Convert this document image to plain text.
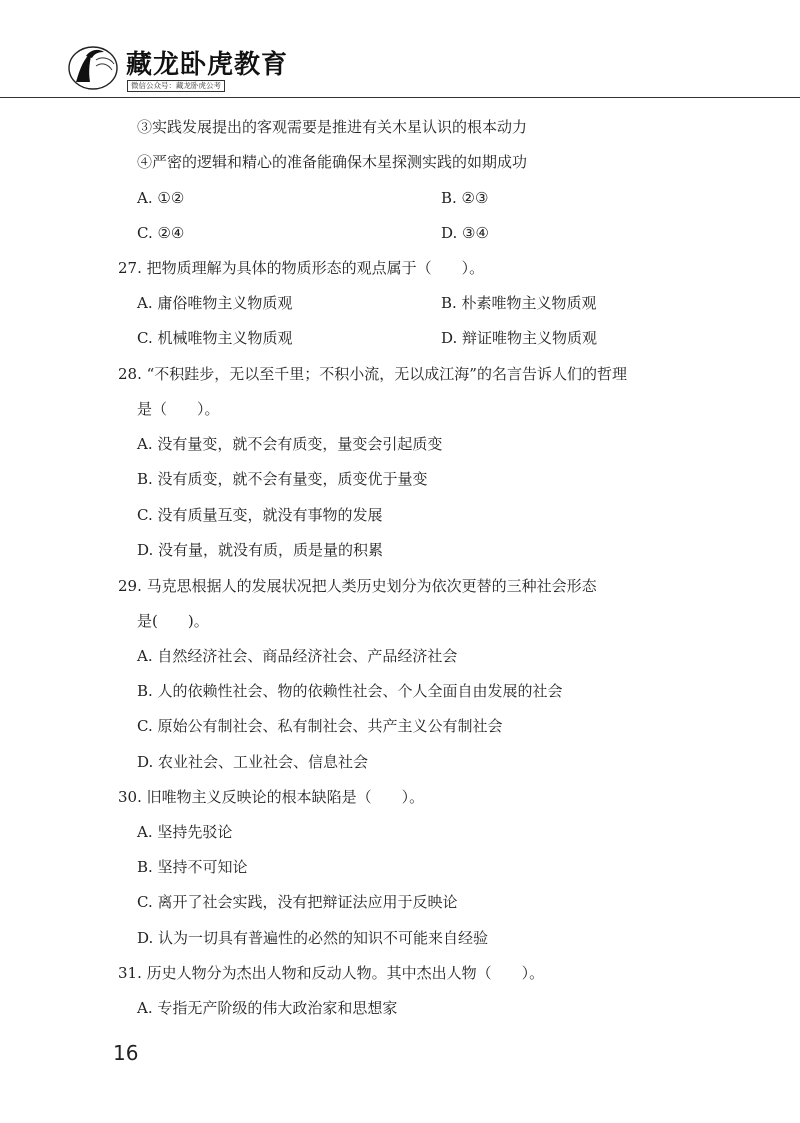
藏龙卧虎教育
微信公众号：藏龙卧虎公考
③实践发展提出的客观需要是推进有关木星认识的根本动力
④严密的逻辑和精心的准备能确保木星探测实践的如期成功
A. ①②	B. ②③
C. ②④	D. ③④
27. 把物质理解为具体的物质形态的观点属于（　　）。
A. 庸俗唯物主义物质观	B. 朴素唯物主义物质观
C. 机械唯物主义物质观	D. 辩证唯物主义物质观
28. “不积跬步，无以至千里；不积小流，无以成江海”的名言告诉人们的哲理
是（　　）。
A. 没有量变，就不会有质变，量变会引起质变
B. 没有质变，就不会有量变，质变优于量变
C. 没有质量互变，就没有事物的发展
D. 没有量，就没有质，质是量的积累
29. 马克思根据人的发展状况把人类历史划分为依次更替的三种社会形态
是(　　)。
A. 自然经济社会、商品经济社会、产品经济社会
B. 人的依赖性社会、物的依赖性社会、个人全面自由发展的社会
C. 原始公有制社会、私有制社会、共产主义公有制社会
D. 农业社会、工业社会、信息社会
30. 旧唯物主义反映论的根本缺陷是（　　）。
A. 坚持先驳论
B. 坚持不可知论
C. 离开了社会实践，没有把辩证法应用于反映论
D. 认为一切具有普遍性的必然的知识不可能来自经验
31. 历史人物分为杰出人物和反动人物。其中杰出人物（　　）。
A. 专指无产阶级的伟大政治家和思想家
16
